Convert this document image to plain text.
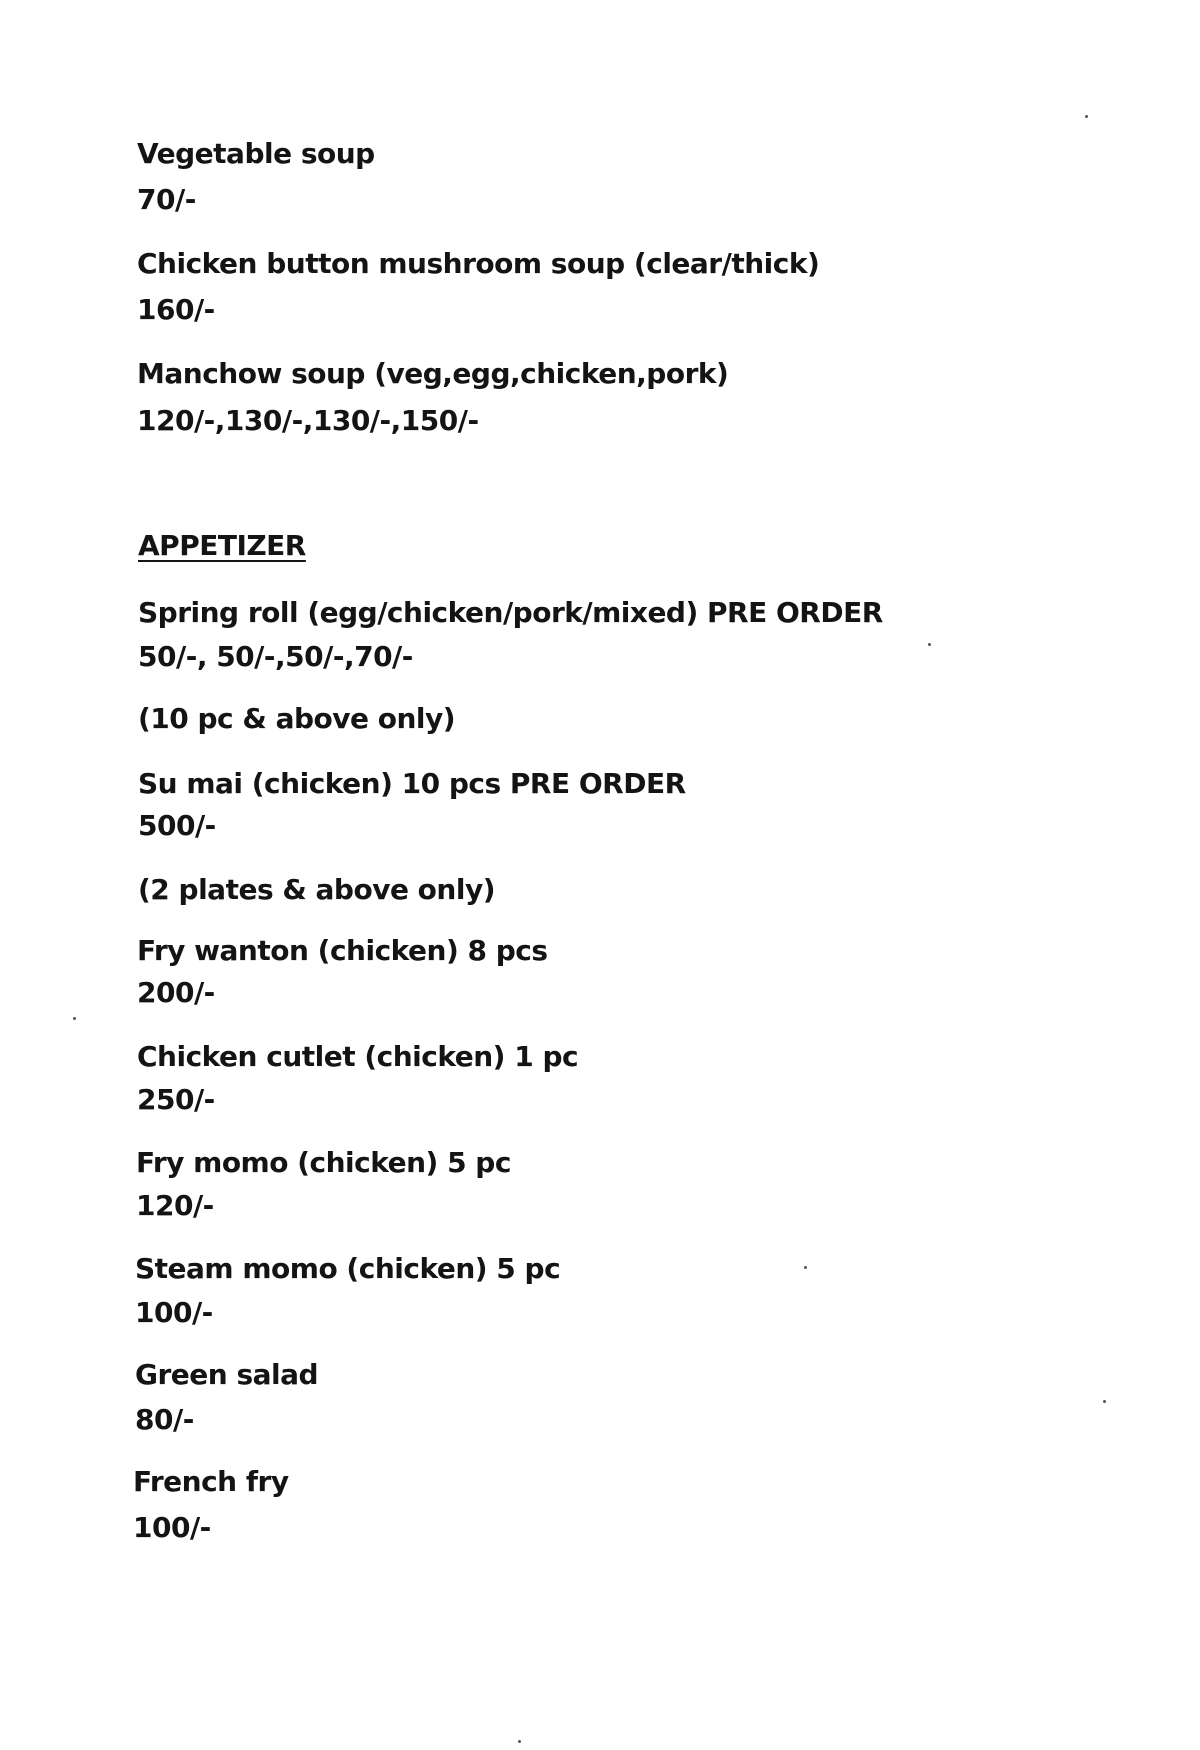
Vegetable soup
70/-
Chicken button mushroom soup (clear/thick)
160/-
Manchow soup (veg,egg,chicken,pork)
120/-,130/-,130/-,150/-
APPETIZER
Spring roll (egg/chicken/pork/mixed) PRE ORDER
50/-, 50/-,50/-,70/-
(10 pc & above only)
Su mai (chicken) 10 pcs PRE ORDER
500/-
(2 plates & above only)
Fry wanton (chicken) 8 pcs
200/-
Chicken cutlet (chicken) 1 pc
250/-
Fry momo (chicken) 5 pc
120/-
Steam momo (chicken) 5 pc
100/-
Green salad
80/-
French fry
100/-
